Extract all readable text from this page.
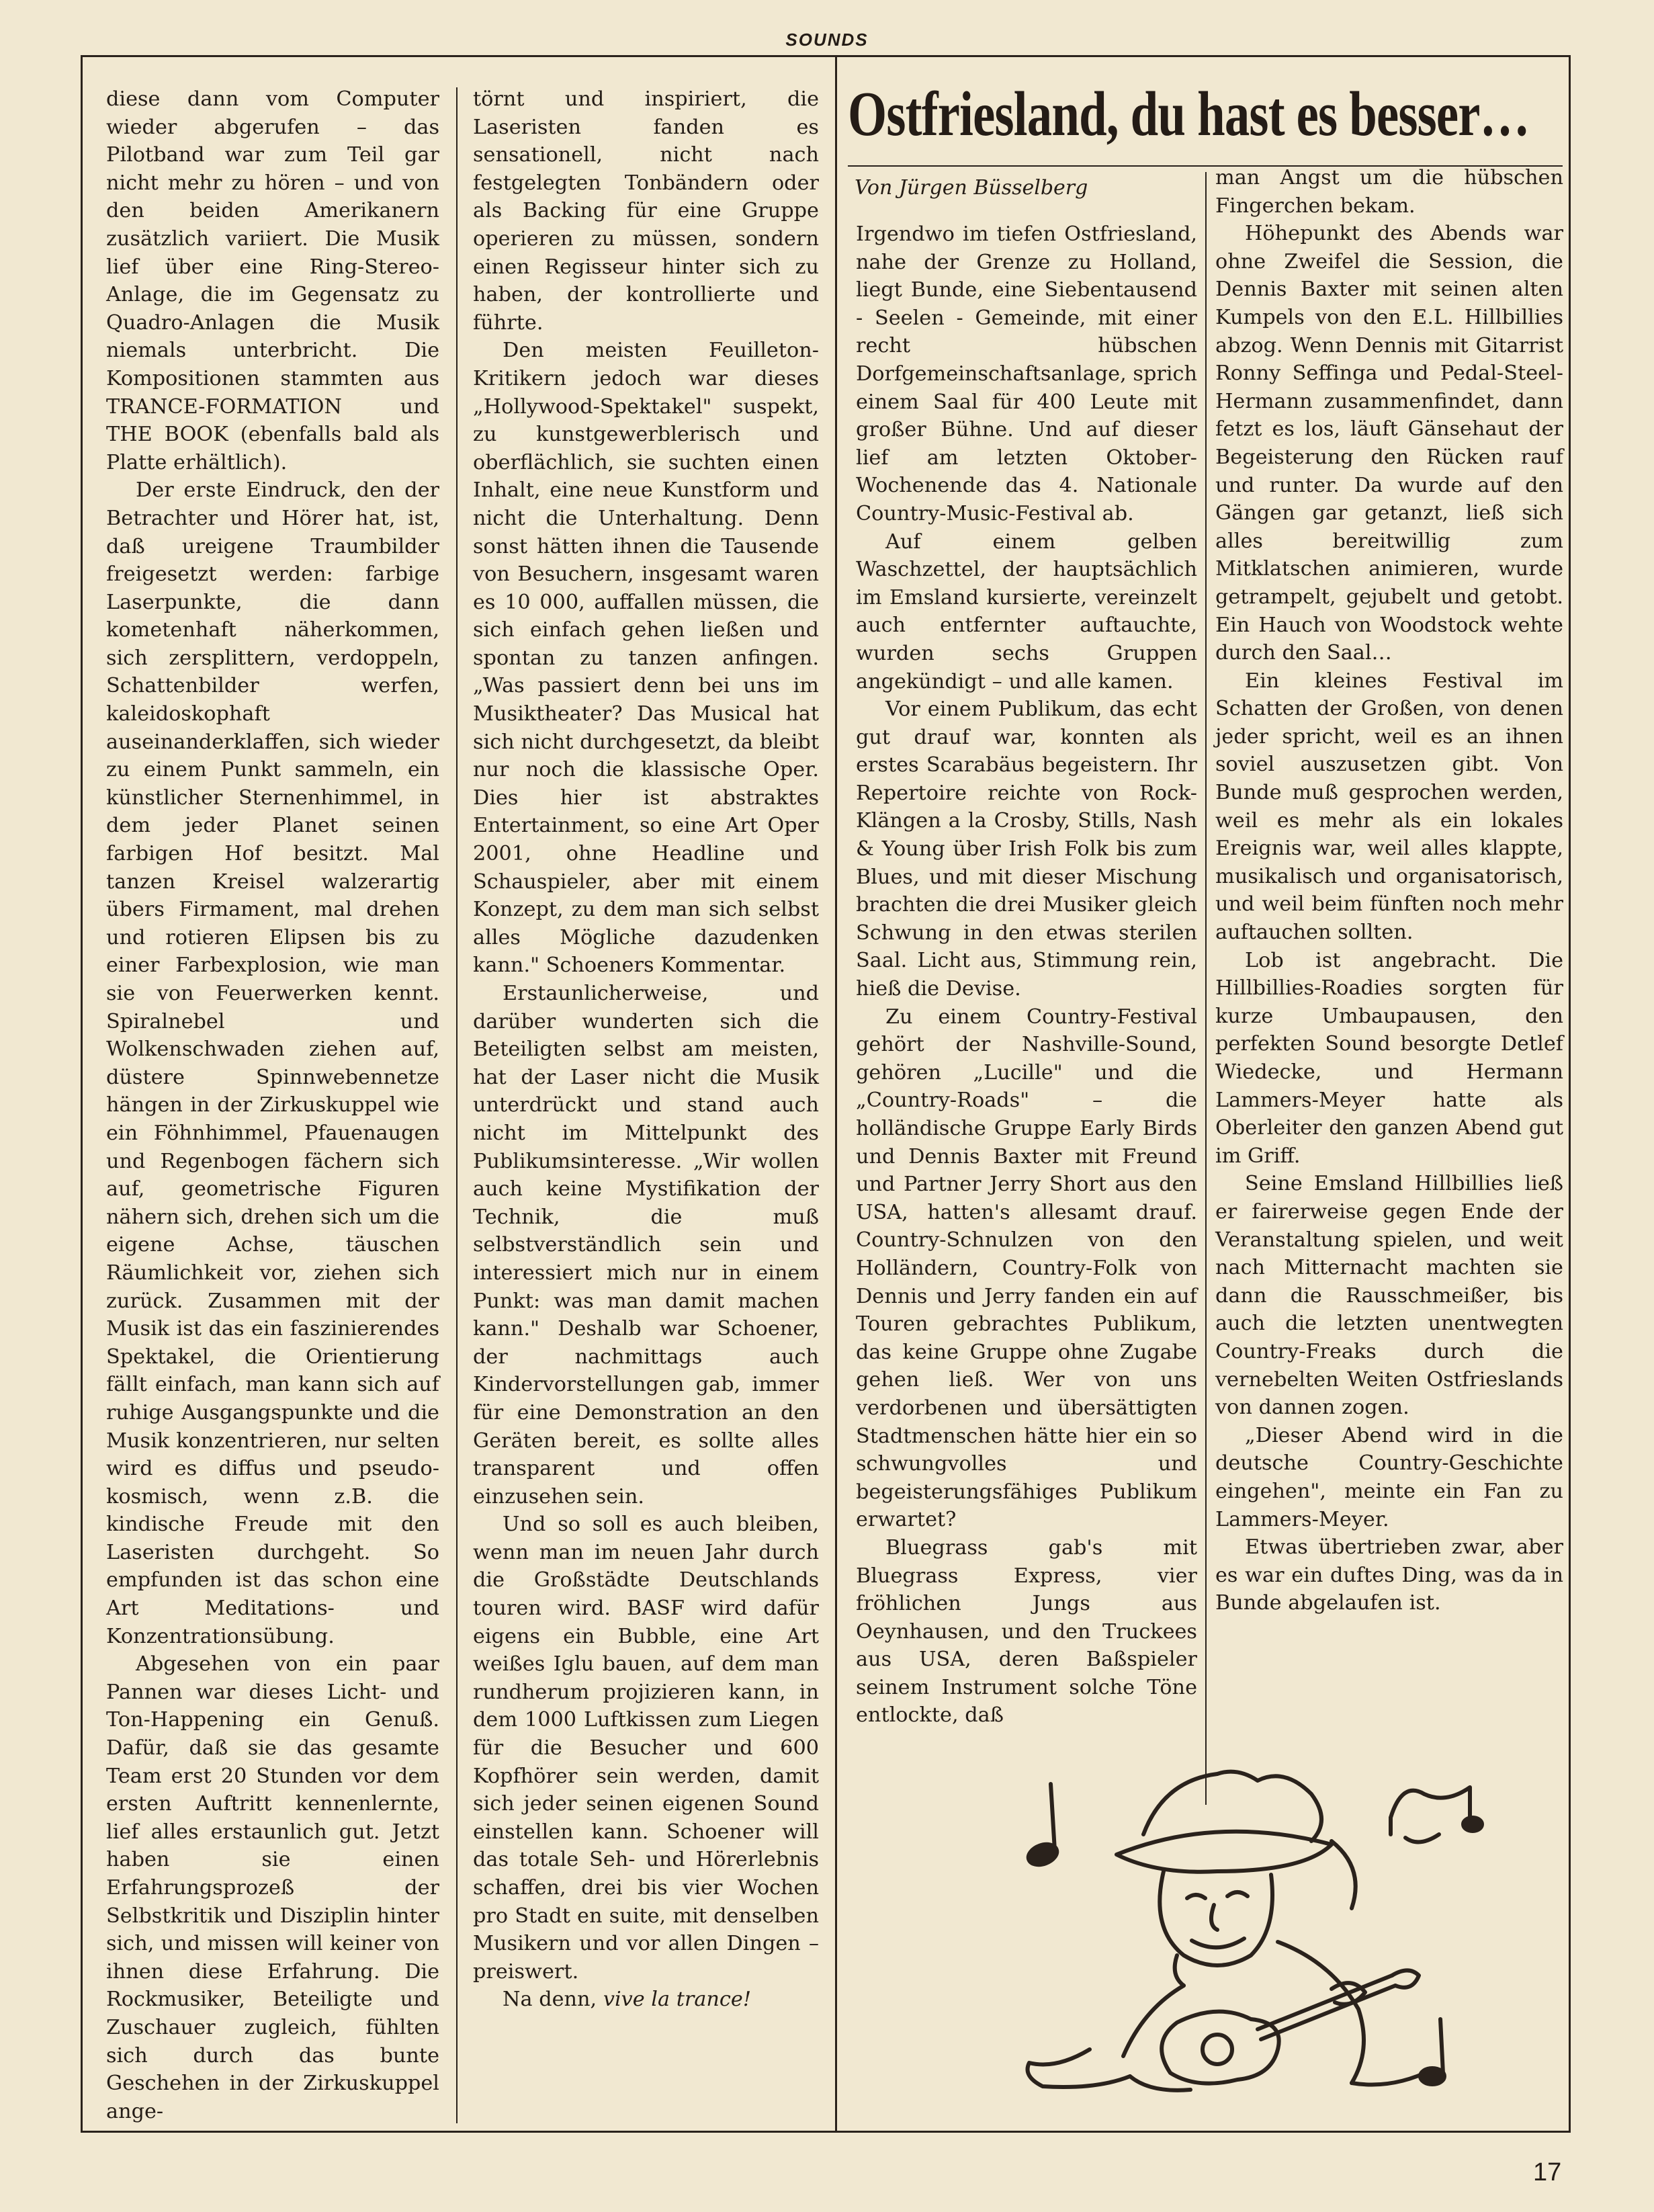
SOUNDS

diese dann vom Computer wieder abgerufen – das Pilotband war zum Teil gar nicht mehr zu hören – und von den beiden Amerikanern zusätzlich variiert. Die Musik lief über eine Ring-Stereo-Anlage, die im Gegensatz zu Quadro-Anlagen die Musik niemals unterbricht. Die Kompositionen stammten aus TRANCE-FORMATION und THE BOOK (ebenfalls bald als Platte erhältlich).

Der erste Eindruck, den der Betrachter und Hörer hat, ist, daß ureigene Traumbilder freigesetzt werden: farbige Laserpunkte, die dann kometenhaft näherkommen, sich zersplittern, verdoppeln, Schattenbilder werfen, kaleidoskophaft auseinanderklaffen, sich wieder zu einem Punkt sammeln, ein künstlicher Sternenhimmel, in dem jeder Planet seinen farbigen Hof besitzt. Mal tanzen Kreisel walzerartig übers Firmament, mal drehen und rotieren Elipsen bis zu einer Farbexplosion, wie man sie von Feuerwerken kennt. Spiralnebel und Wolkenschwaden ziehen auf, düstere Spinnwebennetze hängen in der Zirkuskuppel wie ein Föhnhimmel, Pfauenaugen und Regenbogen fächern sich auf, geometrische Figuren nähern sich, drehen sich um die eigene Achse, täuschen Räumlichkeit vor, ziehen sich zurück. Zusammen mit der Musik ist das ein faszinierendes Spektakel, die Orientierung fällt einfach, man kann sich auf ruhige Ausgangspunkte und die Musik konzentrieren, nur selten wird es diffus und pseudo-kosmisch, wenn z.B. die kindische Freude mit den Laseristen durchgeht. So empfunden ist das schon eine Art Meditations- und Konzentrationsübung.

Abgesehen von ein paar Pannen war dieses Licht- und Ton-Happening ein Genuß. Dafür, daß sie das gesamte Team erst 20 Stunden vor dem ersten Auftritt kennenlernte, lief alles erstaunlich gut. Jetzt haben sie einen Erfahrungsprozeß der Selbstkritik und Disziplin hinter sich, und missen will keiner von ihnen diese Erfahrung. Die Rockmusiker, Beteiligte und Zuschauer zugleich, fühlten sich durch das bunte Geschehen in der Zirkuskuppel ange-

törnt und inspiriert, die Laseristen fanden es sensationell, nicht nach festgelegten Tonbändern oder als Backing für eine Gruppe operieren zu müssen, sondern einen Regisseur hinter sich zu haben, der kontrollierte und führte.

Den meisten Feuilleton-Kritikern jedoch war dieses „Hollywood-Spektakel" suspekt, zu kunstgewerblerisch und oberflächlich, sie suchten einen Inhalt, eine neue Kunstform und nicht die Unterhaltung. Denn sonst hätten ihnen die Tausende von Besuchern, insgesamt waren es 10 000, auffallen müssen, die sich einfach gehen ließen und spontan zu tanzen anfingen. „Was passiert denn bei uns im Musiktheater? Das Musical hat sich nicht durchgesetzt, da bleibt nur noch die klassische Oper. Dies hier ist abstraktes Entertainment, so eine Art Oper 2001, ohne Headline und Schauspieler, aber mit einem Konzept, zu dem man sich selbst alles Mögliche dazudenken kann." Schoeners Kommentar.

Erstaunlicherweise, und darüber wunderten sich die Beteiligten selbst am meisten, hat der Laser nicht die Musik unterdrückt und stand auch nicht im Mittelpunkt des Publikumsinteresse. „Wir wollen auch keine Mystifikation der Technik, die muß selbstverständlich sein und interessiert mich nur in einem Punkt: was man damit machen kann." Deshalb war Schoener, der nachmittags auch Kindervorstellungen gab, immer für eine Demonstration an den Geräten bereit, es sollte alles transparent und offen einzusehen sein.

Und so soll es auch bleiben, wenn man im neuen Jahr durch die Großstädte Deutschlands touren wird. BASF wird dafür eigens ein Bubble, eine Art weißes Iglu bauen, auf dem man rundherum projizieren kann, in dem 1000 Luftkissen zum Liegen für die Besucher und 600 Kopfhörer sein werden, damit sich jeder seinen eigenen Sound einstellen kann. Schoener will das totale Seh- und Hörerlebnis schaffen, drei bis vier Wochen pro Stadt en suite, mit denselben Musikern und vor allen Dingen – preiswert.

Na denn, vive la trance!

Ostfriesland, du hast es besser…
Von Jürgen Büsselberg

Irgendwo im tiefen Ostfriesland, nahe der Grenze zu Holland, liegt Bunde, eine Siebentausend - Seelen - Gemeinde, mit einer recht hübschen Dorfgemeinschaftsanlage, sprich einem Saal für 400 Leute mit großer Bühne. Und auf dieser lief am letzten Oktober-Wochenende das 4. Nationale Country-Music-Festival ab.

Auf einem gelben Waschzettel, der hauptsächlich im Emsland kursierte, vereinzelt auch entfernter auftauchte, wurden sechs Gruppen angekündigt – und alle kamen.

Vor einem Publikum, das echt gut drauf war, konnten als erstes Scarabäus begeistern. Ihr Repertoire reichte von Rock-Klängen a la Crosby, Stills, Nash & Young über Irish Folk bis zum Blues, und mit dieser Mischung brachten die drei Musiker gleich Schwung in den etwas sterilen Saal. Licht aus, Stimmung rein, hieß die Devise.

Zu einem Country-Festival gehört der Nashville-Sound, gehören „Lucille" und die „Country-Roads" – die holländische Gruppe Early Birds und Dennis Baxter mit Freund und Partner Jerry Short aus den USA, hatten's allesamt drauf. Country-Schnulzen von den Holländern, Country-Folk von Dennis und Jerry fanden ein auf Touren gebrachtes Publikum, das keine Gruppe ohne Zugabe gehen ließ. Wer von uns verdorbenen und übersättigten Stadtmenschen hätte hier ein so schwungvolles und begeisterungsfähiges Publikum erwartet?

Bluegrass gab's mit Bluegrass Express, vier fröhlichen Jungs aus Oeynhausen, und den Truckees aus USA, deren Baßspieler seinem Instrument solche Töne entlockte, daß

man Angst um die hübschen Fingerchen bekam.

Höhepunkt des Abends war ohne Zweifel die Session, die Dennis Baxter mit seinen alten Kumpels von den E.L. Hillbillies abzog. Wenn Dennis mit Gitarrist Ronny Seffinga und Pedal-Steel-Hermann zusammenfindet, dann fetzt es los, läuft Gänsehaut der Begeisterung den Rücken rauf und runter. Da wurde auf den Gängen gar getanzt, ließ sich alles bereitwillig zum Mitklatschen animieren, wurde getrampelt, gejubelt und getobt. Ein Hauch von Woodstock wehte durch den Saal…

Ein kleines Festival im Schatten der Großen, von denen jeder spricht, weil es an ihnen soviel auszusetzen gibt. Von Bunde muß gesprochen werden, weil es mehr als ein lokales Ereignis war, weil alles klappte, musikalisch und organisatorisch, und weil beim fünften noch mehr auftauchen sollten.

Lob ist angebracht. Die Hillbillies-Roadies sorgten für kurze Umbaupausen, den perfekten Sound besorgte Detlef Wiedecke, und Hermann Lammers-Meyer hatte als Oberleiter den ganzen Abend gut im Griff.

Seine Emsland Hillbillies ließ er fairerweise gegen Ende der Veranstaltung spielen, und weit nach Mitternacht machten sie dann die Rausschmeißer, bis auch die letzten unentwegten Country-Freaks durch die vernebelten Weiten Ostfrieslands von dannen zogen.

„Dieser Abend wird in die deutsche Country-Geschichte eingehen", meinte ein Fan zu Lammers-Meyer.

Etwas übertrieben zwar, aber es war ein duftes Ding, was da in Bunde abgelaufen ist.

17
